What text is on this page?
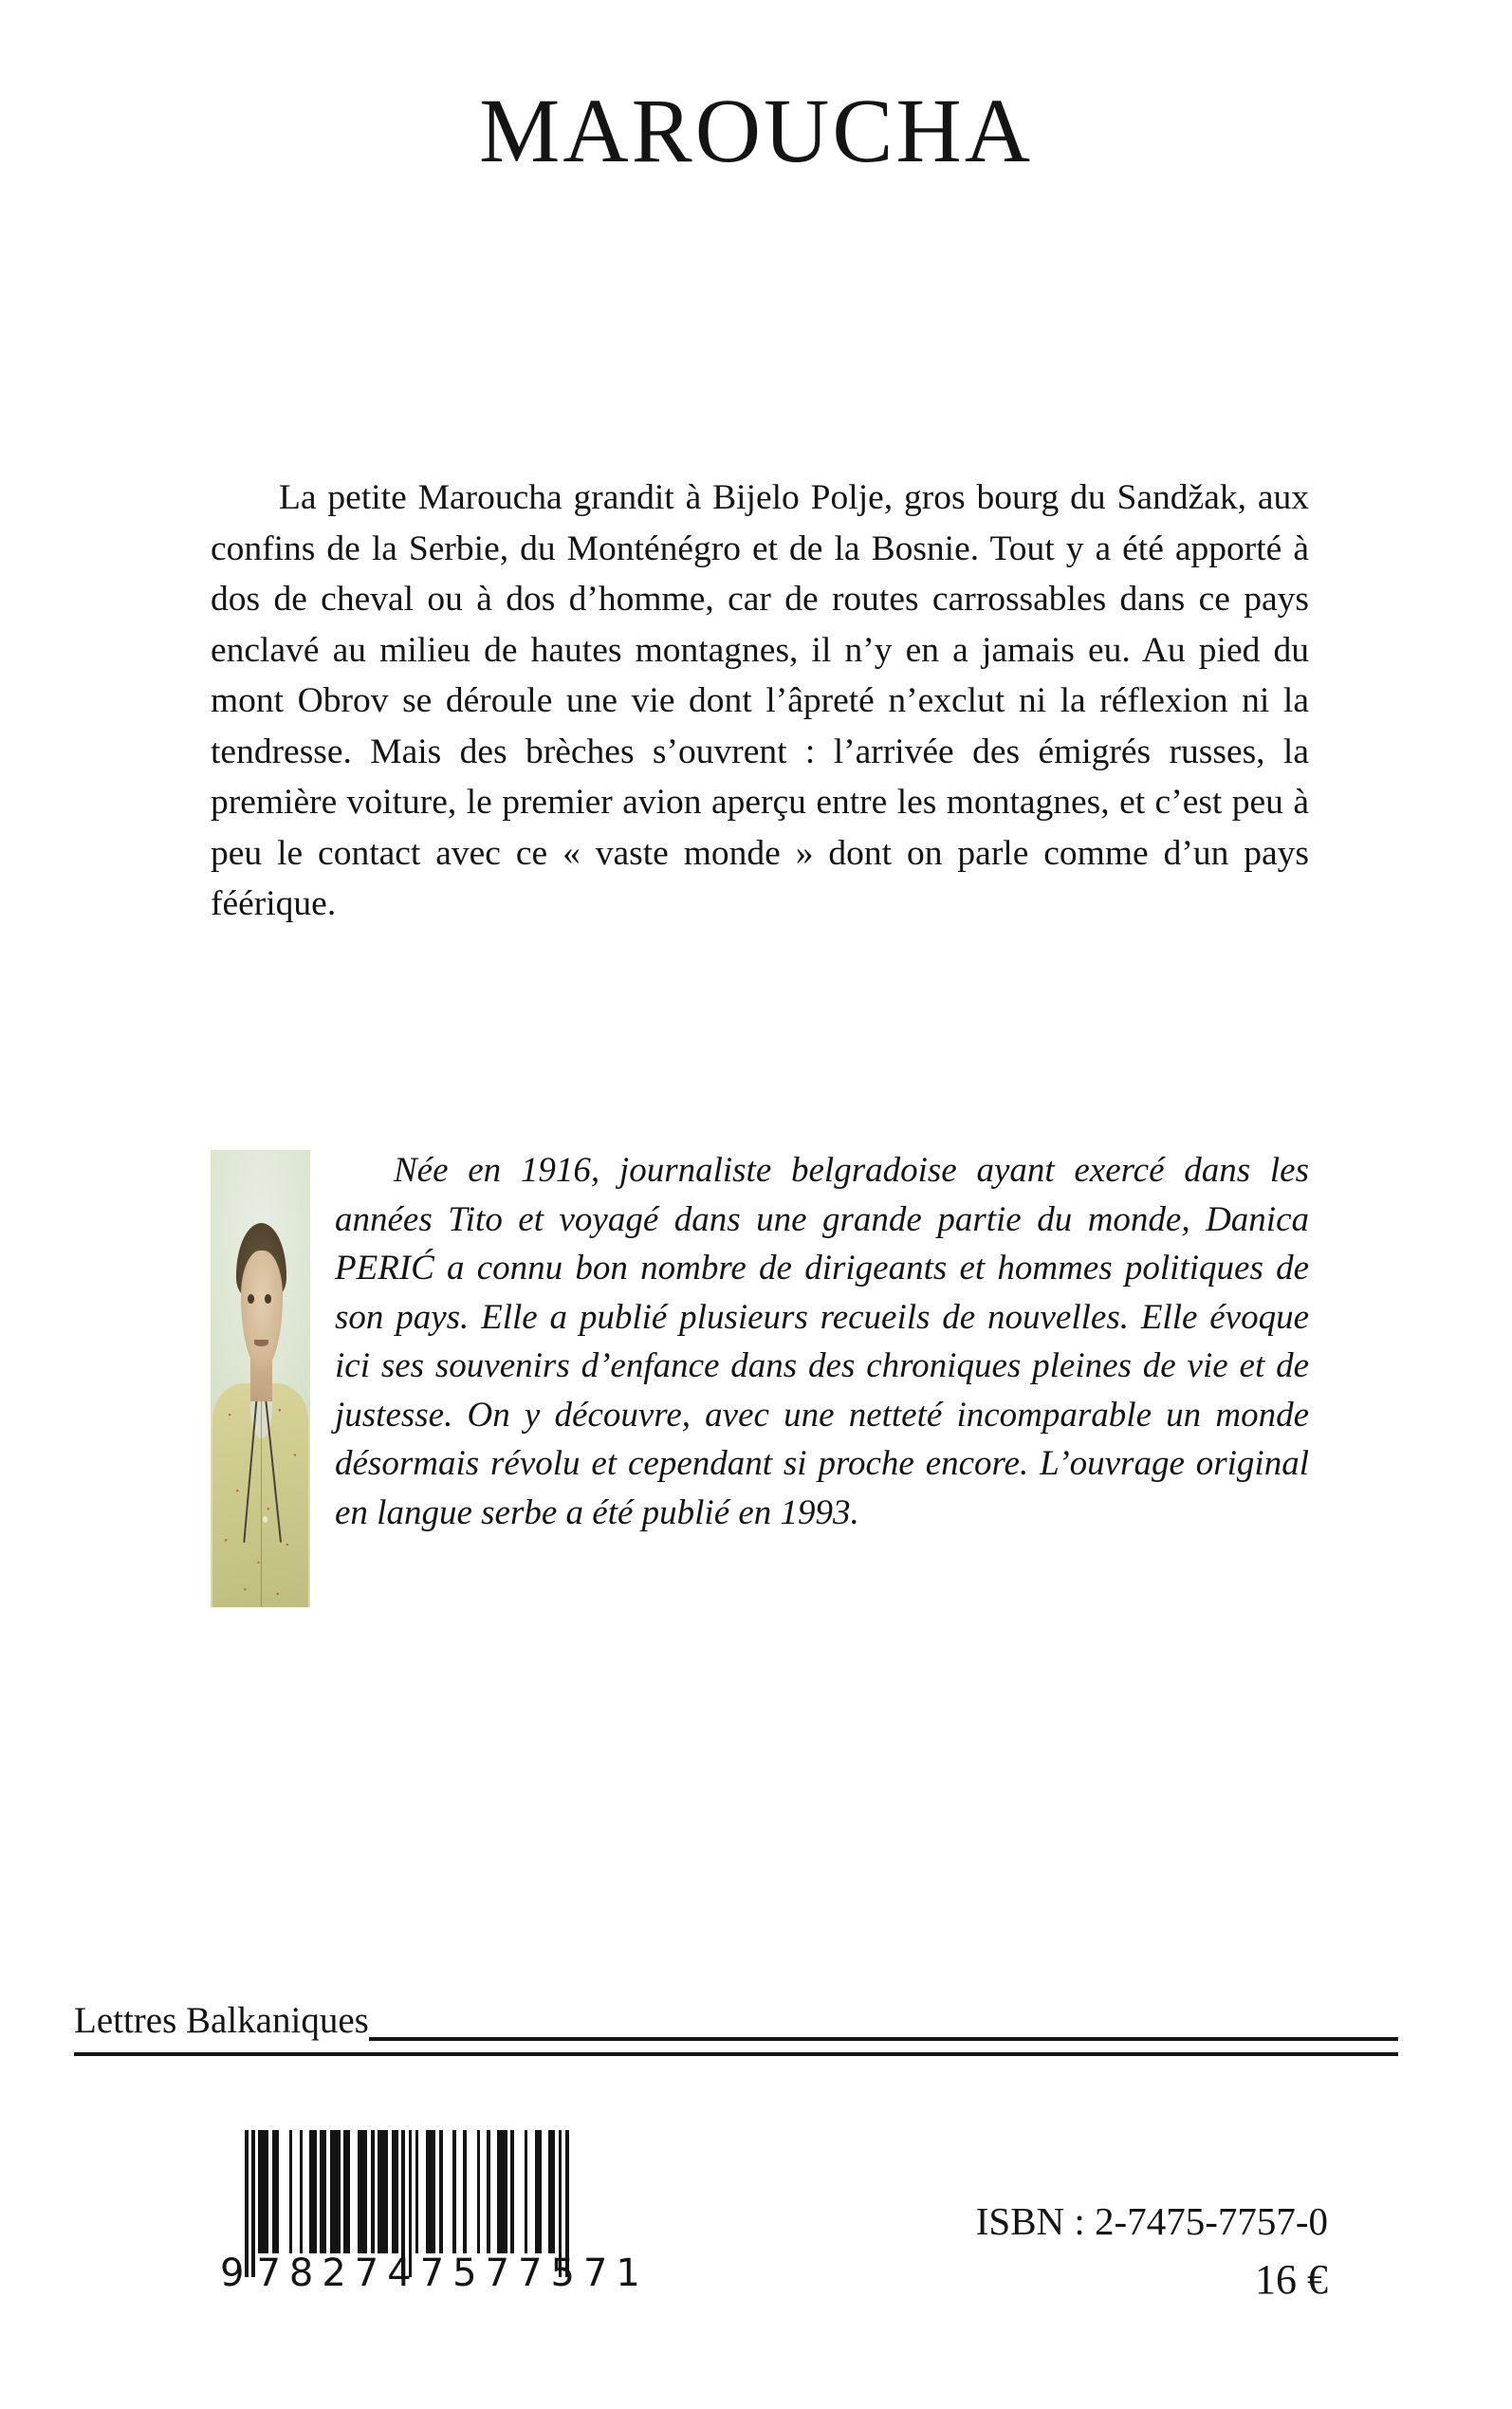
MAROUCHA
La petite Maroucha grandit à Bijelo Polje, gros bourg du Sandžak, aux confins de la Serbie, du Monténégro et de la Bosnie. Tout y a été apporté à dos de cheval ou à dos d’homme, car de routes carrossables dans ce pays enclavé au milieu de hautes montagnes, il n’y en a jamais eu. Au pied du mont Obrov se déroule une vie dont l’âpreté n’exclut ni la réflexion ni la tendresse. Mais des brèches s’ouvrent : l’arrivée des émigrés russes, la première voiture, le premier avion aperçu entre les montagnes, et c’est peu à peu le contact avec ce « vaste monde » dont on parle comme d’un pays féérique.
Née en 1916, journaliste belgradoise ayant exercé dans les années Tito et voyagé dans une grande partie du monde, Danica PERIĆ a connu bon nombre de dirigeants et hommes politiques de son pays. Elle a publié plusieurs recueils de nouvelles. Elle évoque ici ses souvenirs d’enfance dans des chroniques pleines de vie et de justesse. On y découvre, avec une netteté incomparable un monde désormais révolu et cependant si proche encore. L’ouvrage original en langue serbe a été publié en 1993.
Lettres Balkaniques
9 782747 577571
ISBN : 2-7475-7757-0
16 €
